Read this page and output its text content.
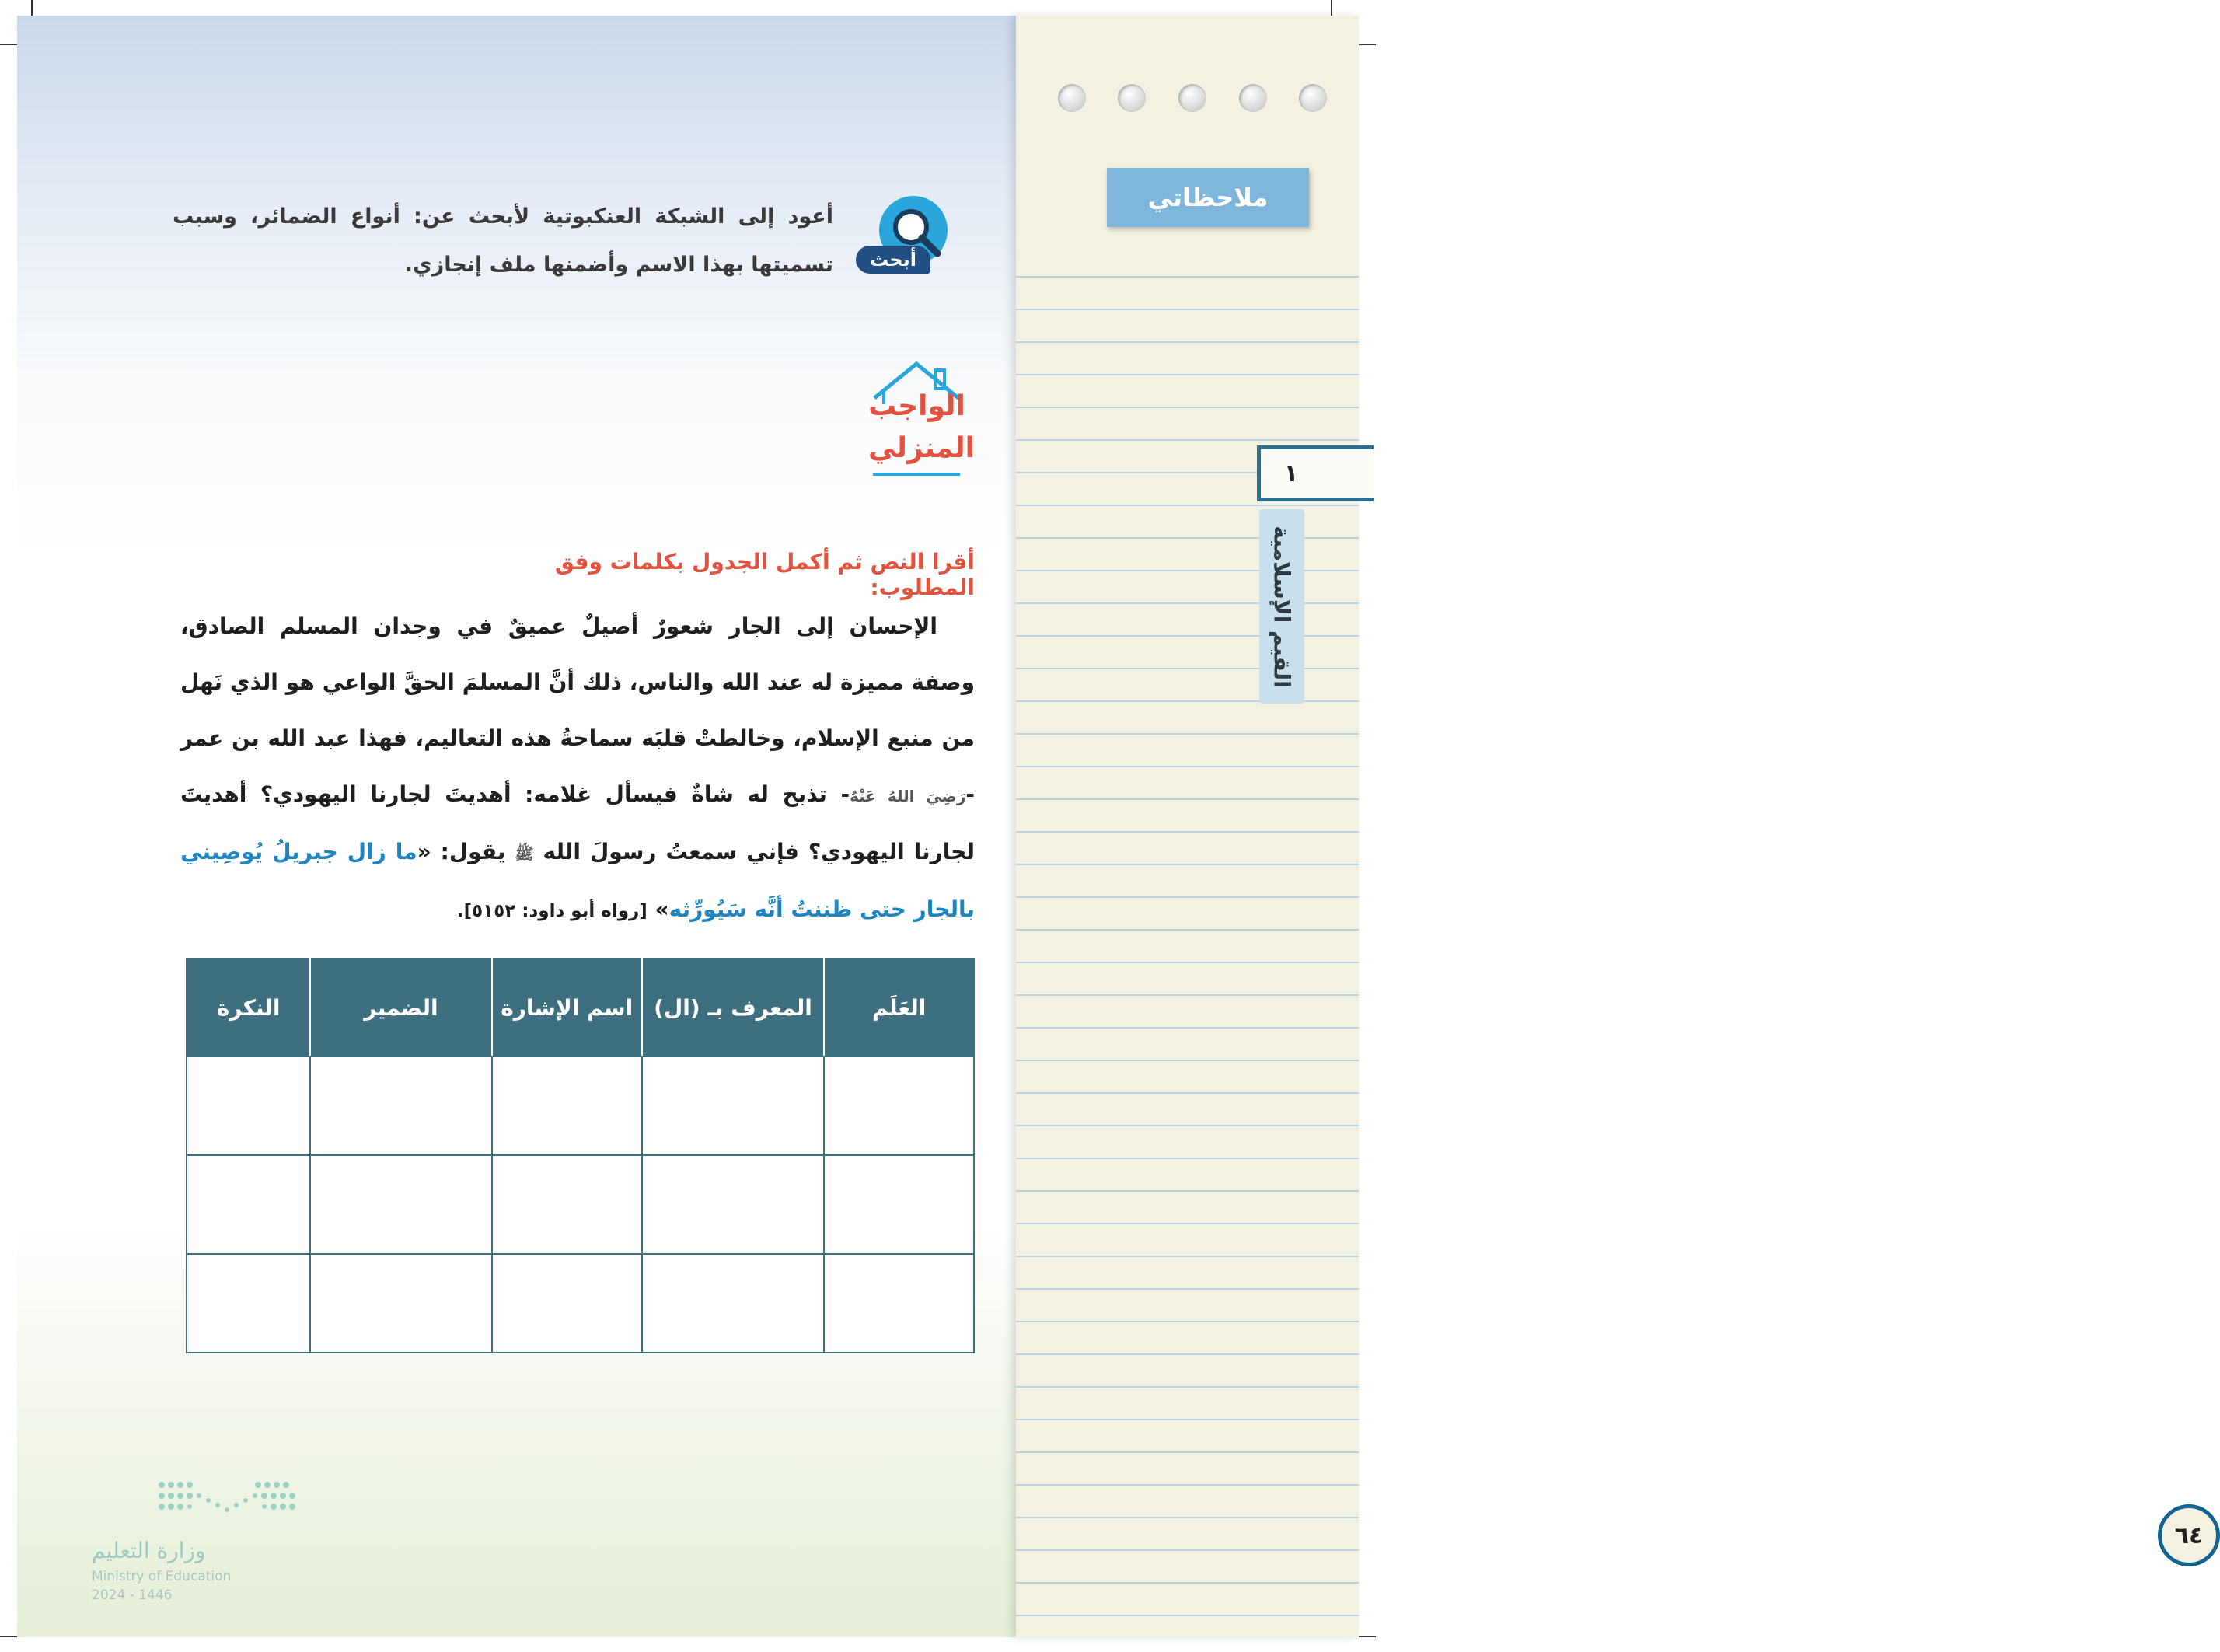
ملاحظاتي
٦٤
١
القيم الإسلامية
أبحث
أعود إلى الشبكة العنكبوتية لأبحث عن: أنواع الضمائر، وسبب تسميتها بهذا الاسم وأضمنها ملف إنجازي.
الواجب
المنزلي
أقرا النص ثم أكمل الجدول بكلمات وفق المطلوب:
الإحسان إلى الجار شعورٌ أصيلٌ عميقٌ في وجدان المسلم الصادق، وصفة مميزة له عند الله والناس، ذلك أنَّ المسلمَ الحقَّ الواعي هو الذي نَهل من منبع الإسلام، وخالطتْ قلبَه سماحةُ هذه التعاليم، فهذا عبد الله بن عمر -رَضِيَ اللهُ عَنْهُ- تذبح له شاةٌ فيسأل غلامه: أهديتَ لجارنا اليهودي؟ أهديتَ لجارنا اليهودي؟ فإني سمعتُ رسولَ الله ﷺ يقول: «ما زال جبريلُ يُوصِيني بالجار حتى ظننتُ أنَّه سَيُورِّثه» [رواه أبو داود: ٥١٥٢].
العَلَم	المعرف بـ (ال)	اسم الإشارة	الضمير	النكرة

وزارة التعليم
Ministry of Education
2024 - 1446
